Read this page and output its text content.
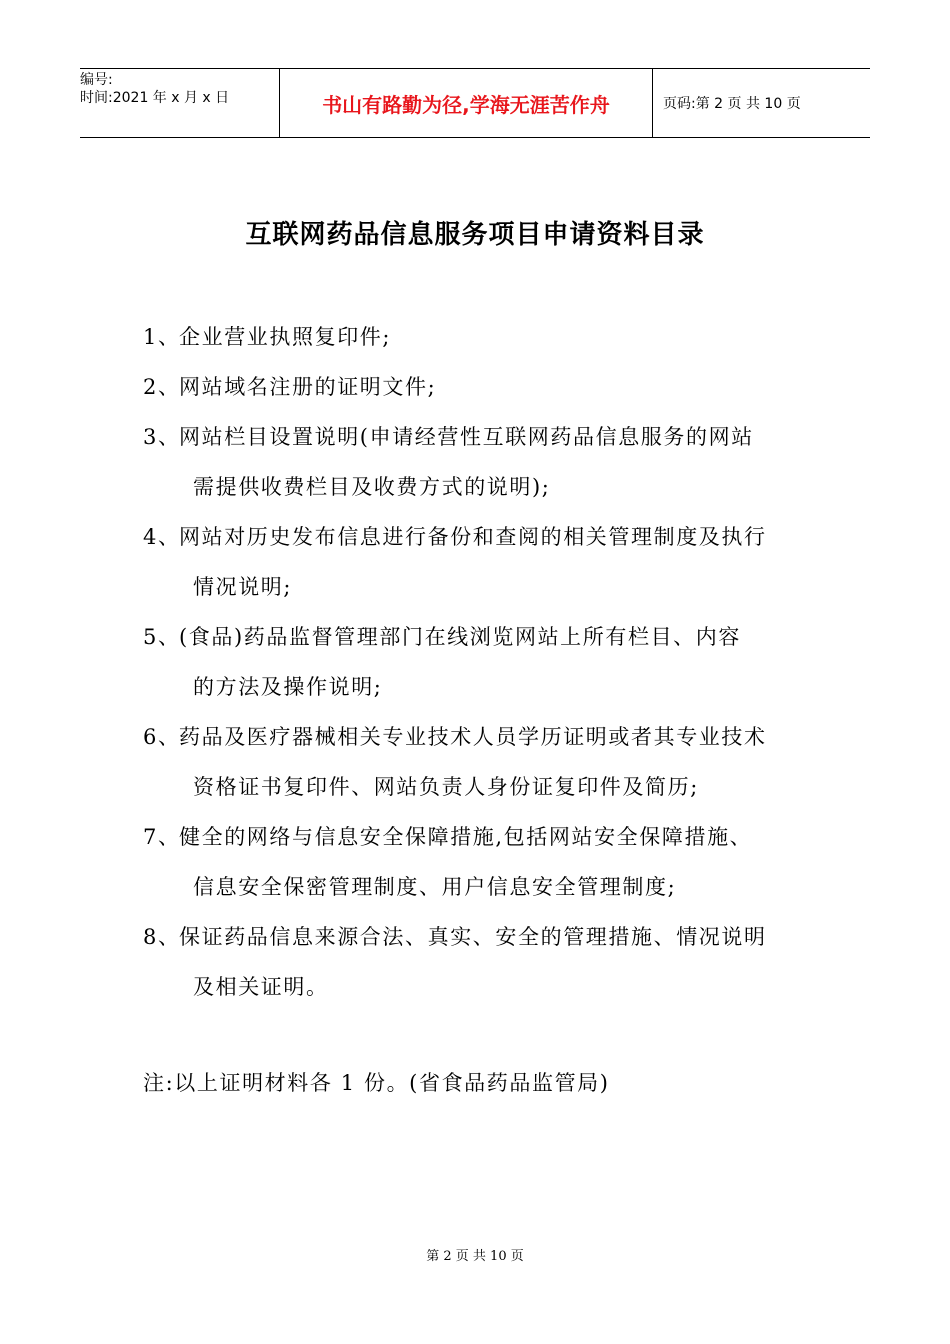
编号:
时间:2021 年 x 月 x 日	书山有路勤为径,学海无涯苦作舟	页码:第 2 页 共 10 页
互联网药品信息服务项目申请资料目录
1、企业营业执照复印件;
2、网站域名注册的证明文件;
3、网站栏目设置说明(申请经营性互联网药品信息服务的网站
需提供收费栏目及收费方式的说明);
4、网站对历史发布信息进行备份和查阅的相关管理制度及执行
情况说明;
5、(食品)药品监督管理部门在线浏览网站上所有栏目、内容
的方法及操作说明;
6、药品及医疗器械相关专业技术人员学历证明或者其专业技术
资格证书复印件、网站负责人身份证复印件及简历;
7、健全的网络与信息安全保障措施,包括网站安全保障措施、
信息安全保密管理制度、用户信息安全管理制度;
8、保证药品信息来源合法、真实、安全的管理措施、情况说明
及相关证明。
注:以上证明材料各 1 份。(省食品药品监管局)
第 2 页 共 10 页
